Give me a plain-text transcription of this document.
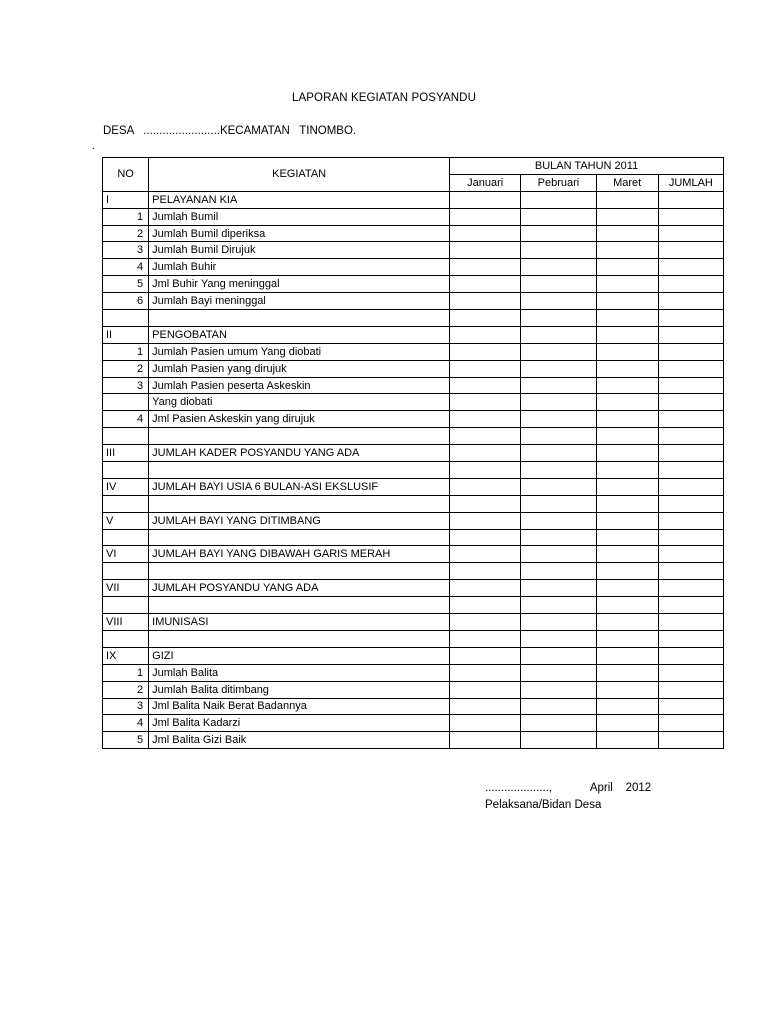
LAPORAN KEGIATAN POSYANDU
DESA ........................KECAMATAN TINOMBO.
.
NO	KEGIATAN	BULAN TAHUN 2011			
		Januari	Pebruari	Maret	JUMLAH
I	PELAYANAN KIA				
1	Jumlah Bumil				
2	Jumlah Bumil diperiksa				
3	Jumlah Bumil Dirujuk				
4	Jumlah Buhir				
5	Jml Buhir Yang meninggal				
6	Jumlah Bayi meninggal				

II	PENGOBATAN				
1	Jumlah Pasien umum Yang diobati				
2	Jumlah Pasien yang dirujuk				
3	Jumlah Pasien peserta Askeskin				
	Yang diobati				
4	Jml Pasien Askeskin yang dirujuk				

III	JUMLAH KADER POSYANDU YANG ADA				

IV	JUMLAH BAYI USIA 6 BULAN-ASI EKSLUSIF				

V	JUMLAH BAYI YANG DITIMBANG				

VI	JUMLAH BAYI YANG DIBAWAH GARIS MERAH				

VII	JUMLAH POSYANDU YANG ADA				

VIII	IMUNISASI				

IX	GIZI				
1	Jumlah Balita				
2	Jumlah Balita ditimbang				
3	Jml Balita Naik Berat Badannya				
4	Jml Balita Kadarzi				
5	Jml Balita Gizi Baik				
....................,	April 2012
Pelaksana/Bidan Desa
